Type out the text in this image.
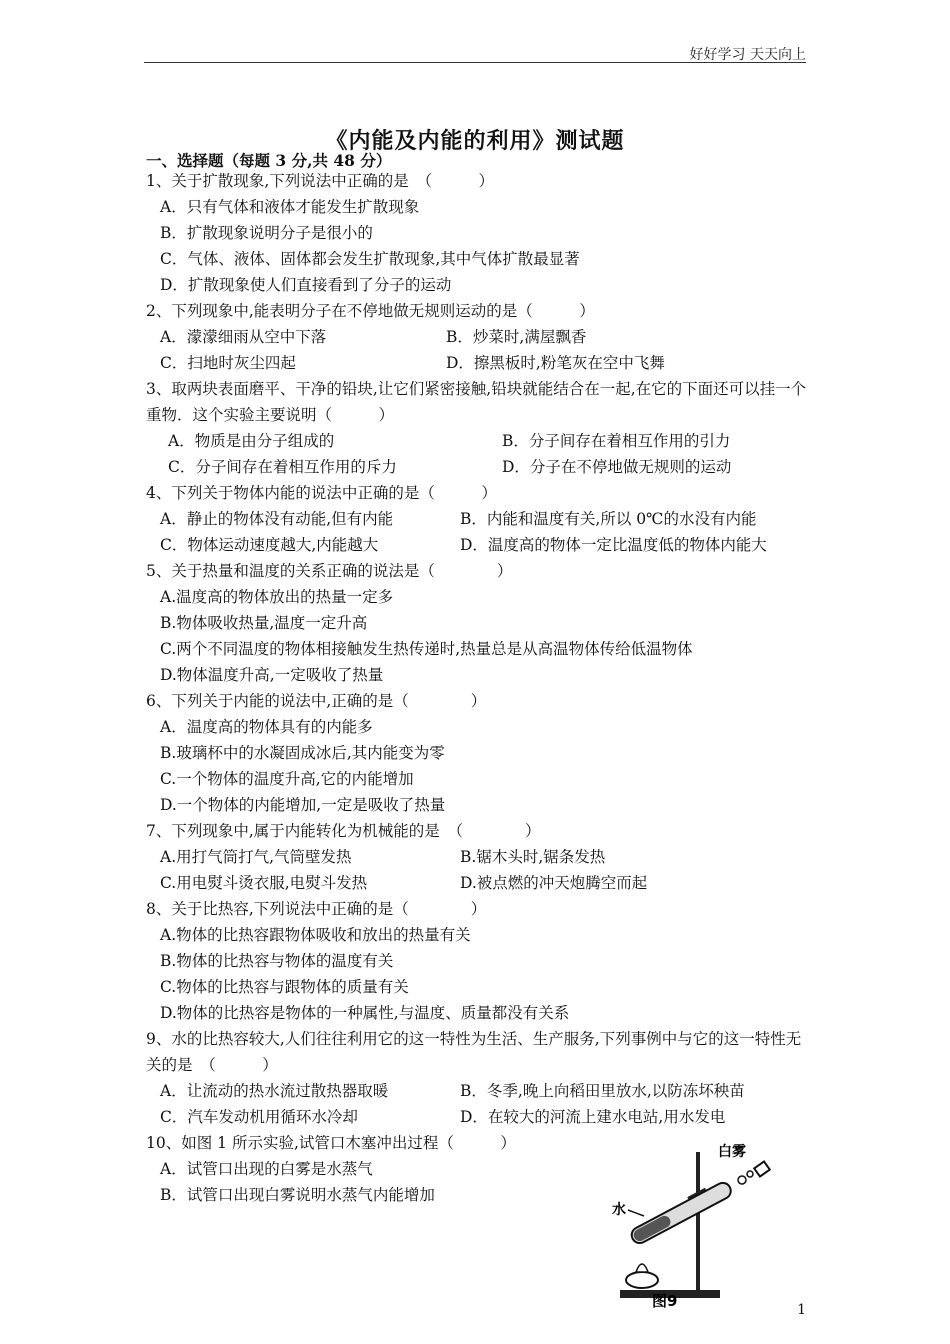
好好学习 天天向上
《内能及内能的利用》测试题
一、选择题（每题 3 分,共 48 分）
1、关于扩散现象,下列说法中正确的是　（　　　）
A．只有气体和液体才能发生扩散现象
B．扩散现象说明分子是很小的
C．气体、液体、固体都会发生扩散现象,其中气体扩散最显著
D．扩散现象使人们直接看到了分子的运动
2、下列现象中,能表明分子在不停地做无规则运动的是（　　　）
A．濛濛细雨从空中下落	B．炒菜时,满屋飘香
C．扫地时灰尘四起	D．擦黑板时,粉笔灰在空中飞舞
3、取两块表面磨平、干净的铅块,让它们紧密接触,铅块就能结合在一起,在它的下面还可以挂一个重物．这个实验主要说明（　　　）
A．物质是由分子组成的	B．分子间存在着相互作用的引力
C．分子间存在着相互作用的斥力	D．分子在不停地做无规则的运动
4、下列关于物体内能的说法中正确的是（　　　）
A．静止的物体没有动能,但有内能	B．内能和温度有关,所以 0℃的水没有内能
C．物体运动速度越大,内能越大	D．温度高的物体一定比温度低的物体内能大
5、关于热量和温度的关系正确的说法是（　　　　）
A.温度高的物体放出的热量一定多
B.物体吸收热量,温度一定升高
C.两个不同温度的物体相接触发生热传递时,热量总是从高温物体传给低温物体
D.物体温度升高,一定吸收了热量
6、下列关于内能的说法中,正确的是（　　　　）
A．温度高的物体具有的内能多
B.玻璃杯中的水凝固成冰后,其内能变为零
C.一个物体的温度升高,它的内能增加
D.一个物体的内能增加,一定是吸收了热量
7、下列现象中,属于内能转化为机械能的是　（　　　　）
A.用打气筒打气,气筒壁发热	B.锯木头时,锯条发热
C.用电熨斗烫衣服,电熨斗发热	D.被点燃的冲天炮腾空而起
8、关于比热容,下列说法中正确的是（　　　　）
A.物体的比热容跟物体吸收和放出的热量有关
B.物体的比热容与物体的温度有关
C.物体的比热容与跟物体的质量有关
D.物体的比热容是物体的一种属性,与温度、质量都没有关系
9、水的比热容较大,人们往往利用它的这一特性为生活、生产服务,下列事例中与它的这一特性无关的是　（　　　）
A．让流动的热水流过散热器取暖	B．冬季,晚上向稻田里放水,以防冻坏秧苗
C．汽车发动机用循环水冷却	D．在较大的河流上建水电站,用水发电
10、如图 1 所示实验,试管口木塞冲出过程（　　　）
A．试管口出现的白雾是水蒸气
B．试管口出现白雾说明水蒸气内能增加
白雾
水
图9	1
